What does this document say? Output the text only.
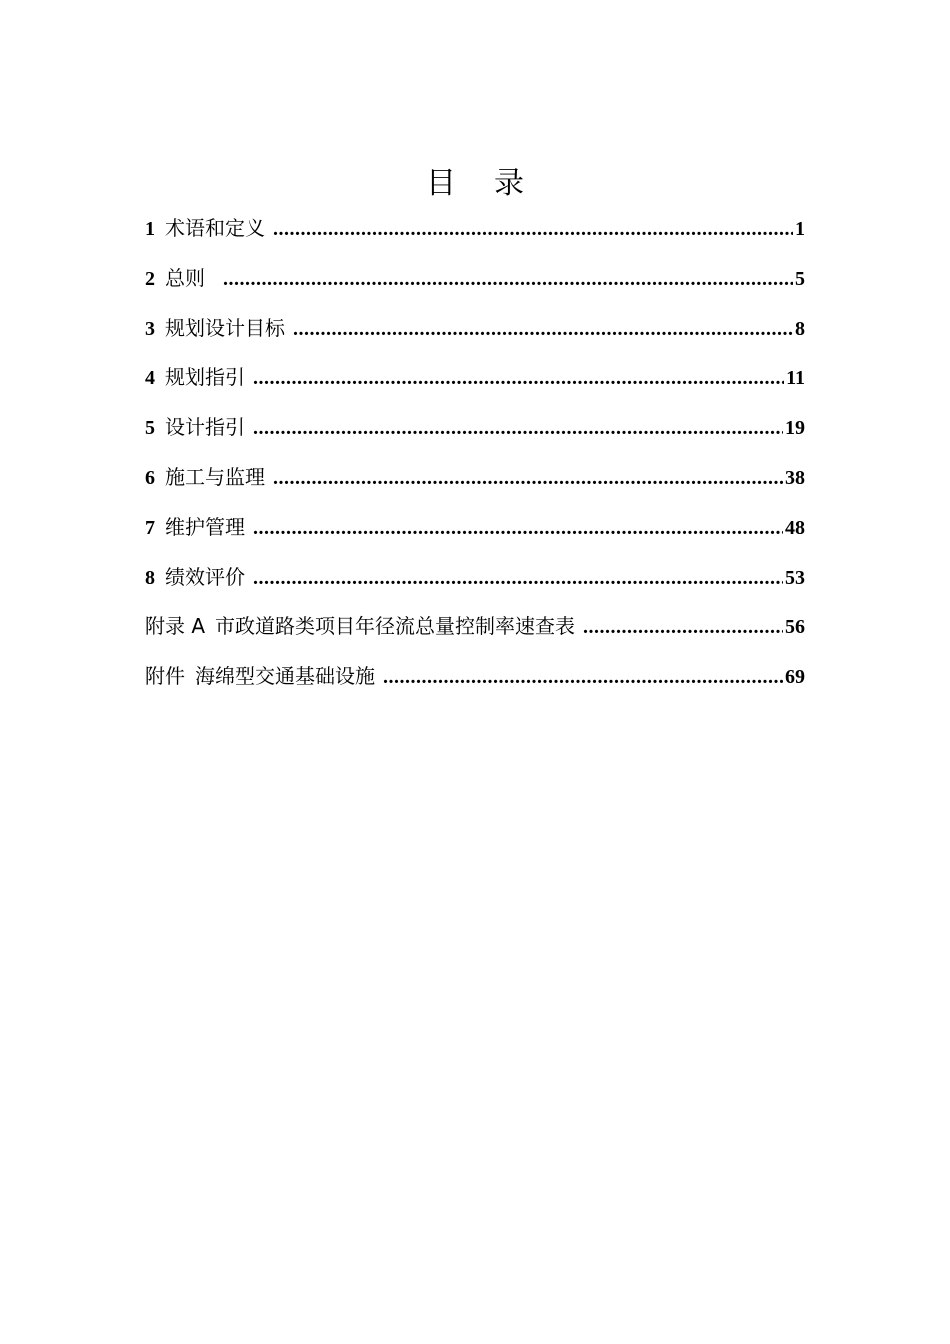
目 录
1 术语和定义 .....	1
2 总则 .....	5
3 规划设计目标 .....	8
4 规划指引 .....	11
5 设计指引 .....	19
6 施工与监理 .....	38
7 维护管理 .....	48
8 绩效评价 .....	53
附录 A 市政道路类项目年径流总量控制率速查表 .....	56
附件 海绵型交通基础设施 .....	69
